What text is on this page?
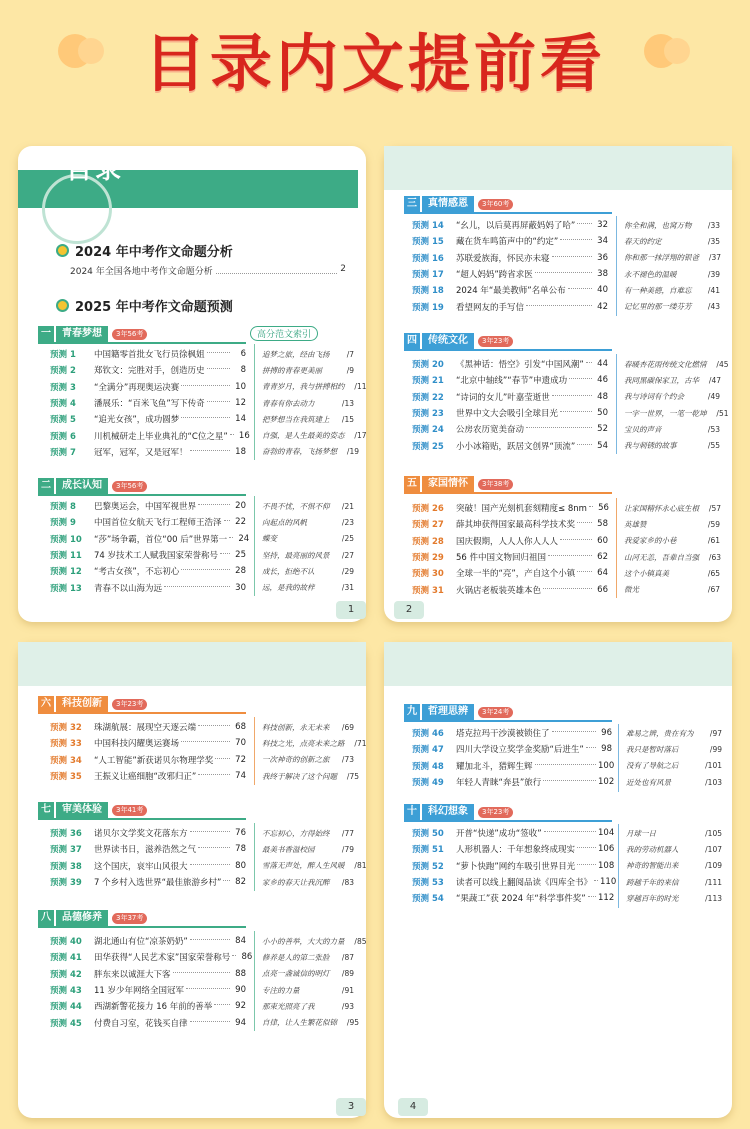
目录内文提前看
目录
2024 年中考作文命题分析
2024 年全国各地中考作文命题分析	2
2025 年中考作文命题预测
高分范文索引
一	青春梦想	3年56考
预测 1	中国籍零首批女飞行员徐枫姐	6
预测 2	郑钦文：完胜对手，创造历史	8
预测 3	“全满分”再现奥运决赛	10
预测 4	潘展乐：“百米飞鱼”写下传奇	12
预测 5	“追光女孩”，成功圆梦	14
预测 6	川机械研走上毕业典礼的“C位之星”	16
预测 7	冠军，冠军，又是冠军！	18
追梦之旅，经由飞扬	/7
拼搏的青春更美丽	/9
青青岁月，我与拼搏相约	/11
青春有你去动力	/13
把梦想当在我筑建上	/15
自强，是人生最美的姿态	/17
奋勃的青春，飞扬梦想	/19
二	成长认知	3年56考
预测 8	巴黎奥运会，中国军视世界	20
预测 9	中国首位女航天飞行工程师王浩泽	22
预测 10	“莎”场争霸，首位“00 后”世界第一	24
预测 11	74 岁技术工人赋我国家荣誉称号	25
预测 12	“考古女孩”，不忘初心	28
预测 13	青春不以山海为远	30
不畏不忧，不惧不仰	/21
向起点的风帆	/23
蝶变	/25
坚持，最亮丽的风景	/27
成长，拒绝不认	/29
远，是我的故梓	/31
1
三	真情感恩	3年60考
预测 14	“幺儿，以后莫再屏蔽妈妈了哈”	32
预测 15	藏在货车鸣笛声中的“约定”	34
预测 16	苏联爱族海，怀民亦未寝	36
预测 17	“超人妈妈”跨省求医	38
预测 18	2024 年“最美教师”名单公布	40
预测 19	看望网友的手写信	42
你全和满，也窝万物	/33
春天的约定	/35
你和那一抹浮翔的银爸	/37
永不褪色的温暖	/39
有一种美德，自难忘	/41
记忆里的那一缕芬芳	/43
四	传统文化	3年23考
预测 20	《黑神话：悟空》引发“中国风潮”	44
预测 21	“北京中轴线”“春节”申遗成功	46
预测 22	“诗词的女儿”叶嘉莹逝世	48
预测 23	世界中文大会吸引全球目光	50
预测 24	公房农历宽美奋动	52
预测 25	小小冰箱贴，跃居文创界“顶流”	54
春暖杏花雨传统文化燃情	/45
我同黑碳保家卫，古华	/47
我与诗词有个约会	/49
一字一世界，一笔一乾坤	/51
宝贝的声音	/53
我与刺锈的故事	/55
五	家国情怀	3年38考
预测 26	突破！国产光刻机套刻精度≤ 8nm	56
预测 27	薛其坤获得国家最高科学技术奖	58
预测 28	国庆假期，人人人你人人人	60
预测 29	56 件中国文物回归祖国	62
预测 30	全球一半的“亮”，产自这个小镇	64
预测 31	火锅店老板装英雄本色	66
让家国精怀永心底生根	/57
英雄赞	/59
我爱家乡的小巷	/61
山河无恙，吾辈自当强	/63
这个小镇真美	/65
微光	/67
2
六	科技创新	3年23考
预测 32	珠湖航展：展现空天逐云端	68
预测 33	中国科技闪耀奥运赛场	70
预测 34	“人工智能”新获诺贝尔物理学奖	72
预测 35	王振义让癌细胞“改邪归正”	74
科技创新，永无未来	/69
科技之光，点亮未来之路	/71
一次神奇的创新之旅	/73
我终于解决了这个问题	/75
七	审美体验	3年41考
预测 36	诺贝尔文学奖文花落东方	76
预测 37	世界读书日，滋养浩然之气	78
预测 38	这个国庆，哀牢山风很大	80
预测 39	7 个乡村入选世界“最佳旅游乡村”	82
不忘初心，方得始终	/77
最美书香溢校园	/79
雪落无声处，醉人生风暖	/81
家乡的春天让我沉醉	/83
八	品德修养	3年37考
预测 40	湖北通山有位“凉茶奶奶”	84
预测 41	田华获得“人民艺术家”国家荣誉称号	86
预测 42	胖东来以诚涯大下客	88
预测 43	11 岁少年网络全国冠军	90
预测 44	西湖新警花接力 16 年前的善举	92
预测 45	付费自习室，花钱买自律	94
小小的善举，大大的力量	/85
修养是人的第二张脸	/87
点亮一盏诚信的明灯	/89
专注的力量	/91
那束光照亮了我	/93
自律，让人生繁花似锦	/95
3
九	哲理思辨	3年24考
预测 46	塔克拉玛干沙漠被锁住了	96
预测 47	四川大学设立奖学金奖励“后进生”	98
预测 48	耀加北斗，猎辉生辉	100
预测 49	年轻人青睐“奔县”旅行	102
难易之辨，贵在有为	/97
我只是暂时落后	/99
没有了导航之后	/101
近处也有风景	/103
十	科幻想象	3年23考
预测 50	开普“快递”成功“签收”	104
预测 51	人形机器人：千年想象终成现实	106
预测 52	“萝卜快跑”网约车吸引世界目光	108
预测 53	读者可以线上翻阅品读《四库全书》 110
预测 54	“果蔬工”获 2024 年“科学事件奖” 112
月球一日	/105
我的劳动机器人	/107
神奇的智能出来	/109
跨越千年的来信	/111
穿越百年的时光	/113
4
